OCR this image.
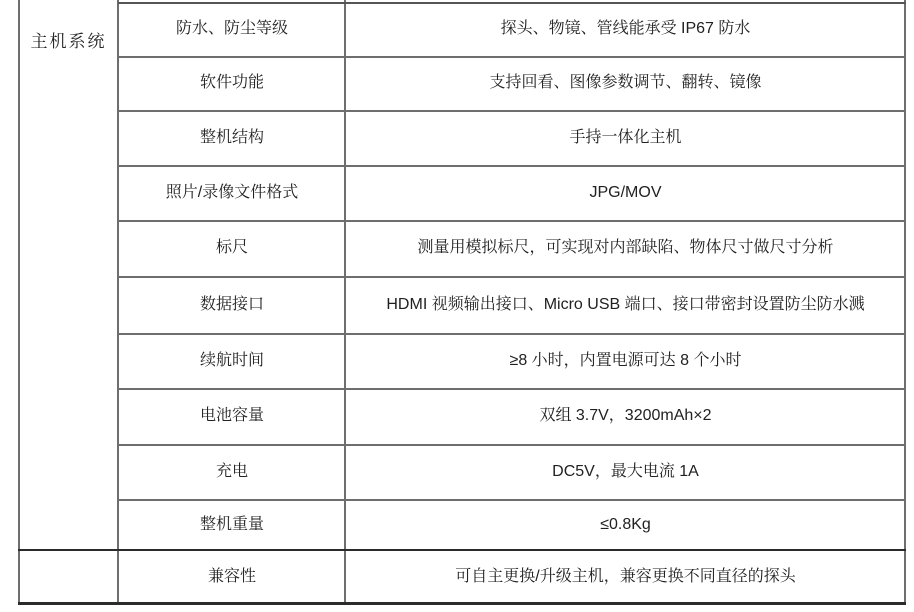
主机系统
防水、防尘等级	探头、物镜、管线能承受 IP67 防水
软件功能	支持回看、图像参数调节、翻转、镜像
整机结构	手持一体化主机
照片/录像文件格式	JPG/MOV
标尺	测量用模拟标尺，可实现对内部缺陷、物体尺寸做尺寸分析
数据接口	HDMI 视频输出接口、Micro USB 端口、接口带密封设置防尘防水溅
续航时间	≥8 小时，内置电源可达 8 个小时
电池容量	双组 3.7V，3200mAh×2
充电	DC5V，最大电流 1A
整机重量	≤0.8Kg
兼容性	可自主更换/升级主机，兼容更换不同直径的探头
